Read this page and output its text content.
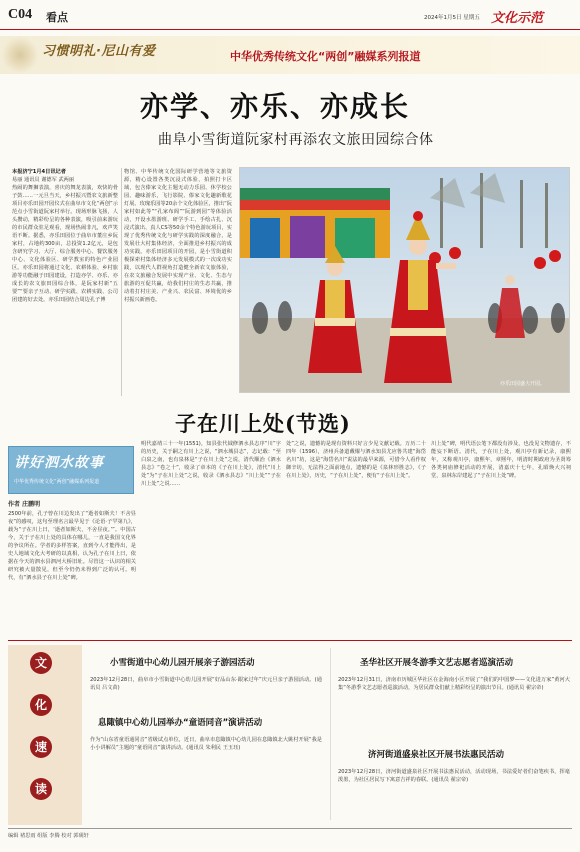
C04 看点	2024年1月5日 星期五 文化示范
习惯明礼·尼山有爱	中华优秀传统文化“两创”融媒系列报道
亦学、亦乐、亦成长
曲阜小雪街道阮家村再添农文旅田园综合体
本报济宁1月4日讯记者
易丽 通讯员 谢德军 武两丽
热闹的舞狮表演，喜庆的舞龙表演，欢快的骨子鼓……一元旦当天，乡村振兴暨农文旅新整项目亦乐田园开园仪式在曲阜市文化“两创”示范点小雪街道阮家村举行。现场形脉飞扬，人头攒动，精彩纷呈的各种表演，吸引前来游玩的市民群众驻足观看，现场热闹非凡，欢声笑语不断。据悉，亦乐田园位于曲阜市董庄乡阮家村，占地约300亩，总投资1.2亿元，是包含研究学习、大厅、综合服务中心、餐饮服务中心、文化体验区、研学教室的特色产业园区。亦乐田园将通过文化、农耕体验、乡村旅游等功能融于田园建设，打造亦学、亦乐、亦成长的农文旅田园综合体，是阮家村新“五要”“要亲子互动、研学实践、农耕实践、公司团建的好去处。亦乐田园结合周边孔子博
物馆、中华传统文化国际研学营地等文旅资源，精心设置各类沉浸式体验，拍照打卡区域，包含傣家文化主题无动力乐园、休学校公园、趣味游乐，飞行影院、傣家文化趣新歌花灯展、玫瑰乐园等20余个文化体验区，推出“阮家村如此等”“孔家布阁”“阮游到园”等体验活动，开设水墨游班、研学手工、手绘古扎、沉浸式演出、真人CS等50余个特色游玩项目，实现了优秀传统文化与研学实践的深度融合，是发展壮大村集体经济，全面推进乡村振兴的成功实践。亦乐田园项目的开园，是小雪街道积极探索村集体经济多元发展模式的一次成功实践，以现代人群视角打造健全新农文旅体验，在农文旅融合发展中实现产业、文化、生态与旅游的互促共赢，给我们村庄的生态共赢，推动着打村庄美、产业兴、农民富、环境优的乡村振兴新画卷。
亦乐田园盛大开园。
子在川上处(节选)
讲好泗水故事
中华优秀传统文化“两创”融媒系列报道
作者 庄鹏明
2500年前，孔子曾在川边发出了“逝者如斯夫！不舍昼夜”的感叹，这句至理名言最早见于《论语·子罕第九》，载为“子在川上曰，‘逝者如斯夫，不舍昼夜。’”。中国古今，关于子在川上处的具体在哪儿，一直是我国文化界的争议所在。学者的多样答案，直到今人才能得出，是史人地域文化大考研的以真相，认为孔子在川上曰，依据在今天的泗水县泗河大桥旧址。尽管这一认识的相关研究被大量散见，但至今仍仍未得到广泛的认可。明代，有“泗水县子在川上处”碑。
明代嘉靖三十一年(1551)，知县张代钺修泗水县志序“川”字的历史，关于嗣之有川上之说，“泗水城县志”，志记载：“至白泉之南，也有泉林是“子在川上处”之说，清代顺治《泗水县志》“卷之十”，收录了章本的《子在川上处》，清代“川上处”为“子在川上处”之说，收录《泗水县志》“川上处”“子在川上处”之说……
处”之说，遗憾的是现有资料只好言少见文献记载。万历二十四年（1596），济州兵备道戴燿与泗水知县尤应鲁共建“海岱名川”坊，这是“海岱名川”说法的最早来源，可惜今人看作权御辛坊，无法得之面前地点，遗憾的是《泉林形胜志》，《子在川上处》，历史，“子在川上处”，便有“子在川上处”。
川上处”碑，明代语公笔下都没有涉及，也没见文物遗存，不能妄下断语。清代，子在川上处，观川亭有新记录，康熙年，又称观川亭，康熙年，章熙年，明清时期政府为圣贤筹各类祠庙修祀活动的开展，清嘉庆十七年，孔昭焕大兴祠堂，泉林东岸建起了“子在川上处”碑。
文
化
速
读
小雪街道中心幼儿园开展亲子游园活动
2023年12月28日，曲阜市小雪街道中心幼儿园开展“好品山东·跟家过年”庆元旦亲子游园活动。(通讯员 吕文苗)
息陬镇中心幼儿园举办“童语同音”演讲活动
作为“山东省童语通同音”省级试点单位，近日，曲阜市息陬镇中心幼儿园在息陬镇北大姚村开展“我是小小讲解员”主题的“童语同音”演讲活动。(通讯员 朱利民 王玉珏)
圣华社区开展冬游季文艺志愿者巡演活动
2023年12月31日，济南市历城区华社区在金海南小区开展了“我们的中国梦——文化进万家”黄河大集“冬游季文艺志愿者巡演活动，为居民群众们献上精彩纷呈的演出节目。(通讯员 翟宗帝)
济河街道盛泉社区开展书法惠民活动
2023年12月28日，济河街道盛泉社区开展书法惠民活动，活动现场，书法爱好者们奋笔疾书，挥毫泼墨，为社区居民写下寓意吉祥的春联。(通讯员 翟宗帝)
编辑 褚思雨 组版 李腾 校对 郭砚轩
